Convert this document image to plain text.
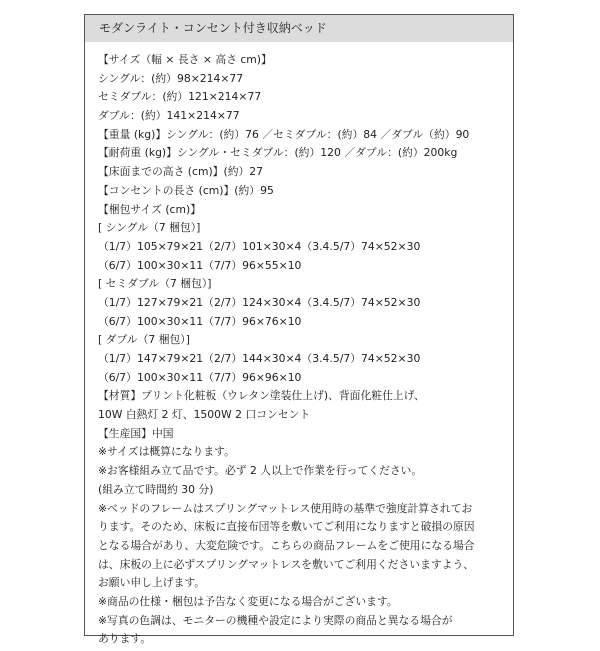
モダンライト・コンセント付き収納ベッド
【サイズ（幅 × 長さ × 高さ cm)】
シングル：(約）98×214×77
セミダブル：(約）121×214×77
ダブル：(約）141×214×77
【重量 (kg)】シングル：(約）76 ／セミダブル：(約）84 ／ダブル（約）90
【耐荷重 (kg)】シングル・セミダブル：(約）120 ／ダブル：(約）200kg
【床面までの高さ (cm)】(約）27
【コンセントの長さ (cm)】(約）95
【梱包サイズ (cm)】
[ シングル（7 梱包）]
（1/7）105×79×21（2/7）101×30×4（3.4.5/7）74×52×30
（6/7）100×30×11（7/7）96×55×10
[ セミダブル（7 梱包）]
（1/7）127×79×21（2/7）124×30×4（3.4.5/7）74×52×30
（6/7）100×30×11（7/7）96×76×10
[ ダブル（7 梱包）]
（1/7）147×79×21（2/7）144×30×4（3.4.5/7）74×52×30
（6/7）100×30×11（7/7）96×96×10
【材質】プリント化粧板（ウレタン塗装仕上げ)、背面化粧仕上げ、
10W 白熱灯 2 灯、1500W 2 口コンセント
【生産国】中国
※サイズは概算になります。
※お客様組み立て品です。必ず 2 人以上で作業を行ってください。
(組み立て時間約 30 分)
※ベッドのフレームはスプリングマットレス使用時の基準で強度計算されてお
ります。そのため、床板に直接布団等を敷いてご利用になりますと破損の原因
となる場合があり、大変危険です。こちらの商品フレームをご使用になる場合
は、床板の上に必ずスプリングマットレスを敷いてご利用くださいますよう、
お願い申し上げます。
※商品の仕様・梱包は予告なく変更になる場合がございます。
※写真の色調は、モニターの機種や設定により実際の商品と異なる場合が
あります。
